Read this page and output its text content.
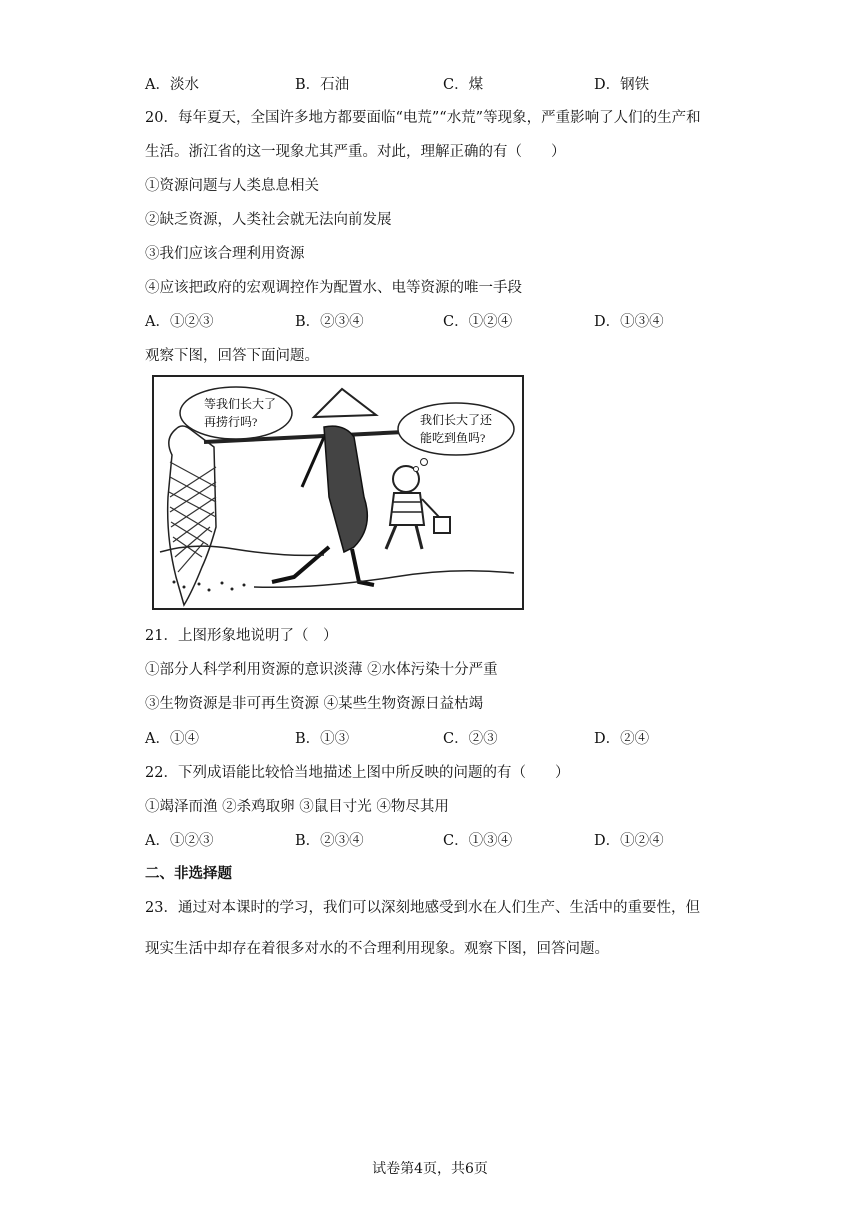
A．淡水	B．石油	C．煤	D．钢铁
20．每年夏天，全国许多地方都要面临“电荒”“水荒”等现象，严重影响了人们的生产和
生活。浙江省的这一现象尤其严重。对此，理解正确的有（　　）
①资源问题与人类息息相关
②缺乏资源，人类社会就无法向前发展
③我们应该合理利用资源
④应该把政府的宏观调控作为配置水、电等资源的唯一手段
A．①②③	B．②③④	C．①②④	D．①③④
观察下图，回答下面问题。
等我们长大了
再捞行吗?	我们长大了还
能吃到鱼吗?
21．上图形象地说明了（　）
①部分人科学利用资源的意识淡薄 ②水体污染十分严重
③生物资源是非可再生资源 ④某些生物资源日益枯竭
A．①④	B．①③	C．②③	D．②④
22．下列成语能比较恰当地描述上图中所反映的问题的有（　　）
①竭泽而渔 ②杀鸡取卵 ③鼠目寸光 ④物尽其用
A．①②③	B．②③④	C．①③④	D．①②④
二、非选择题
23．通过对本课时的学习，我们可以深刻地感受到水在人们生产、生活中的重要性，但
现实生活中却存在着很多对水的不合理利用现象。观察下图，回答问题。
试卷第4页，共6页
